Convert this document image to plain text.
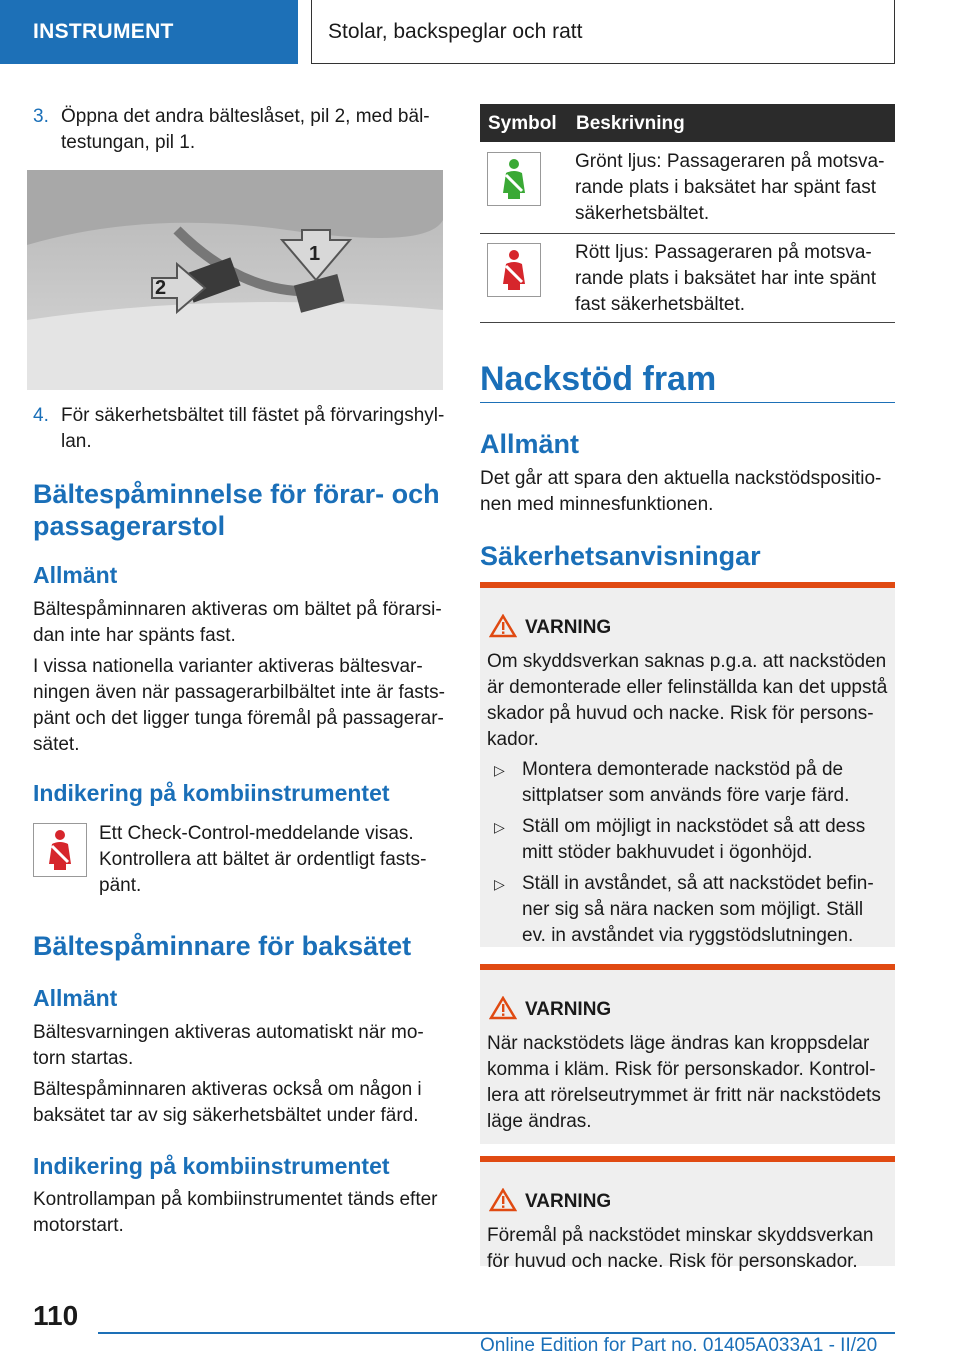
INSTRUMENT	Stolar, backspeglar och ratt
3. Öppna det andra bälteslåset, pil 2, med bältestungan, pil 1.
2
1
4. För säkerhetsbältet till fästet på förvaringshyllan.
Bältespåminnelse för förar- och passagerarstol
Allmänt

Bältespåminnaren aktiveras om bältet på förarsidan inte har spänts fast.

I vissa nationella varianter aktiveras bältesvarningen även när passagerarbilbältet inte är fastspänt och det ligger tunga föremål på passagerarsätet.

Indikering på kombiinstrumentet

Ett Check-Control-meddelande visas. Kontrollera att bältet är ordentligt fastspänt.

Bältespåminnare för baksätet
Allmänt

Bältesvarningen aktiveras automatiskt när motorn startas.

Bältespåminnaren aktiveras också om någon i baksätet tar av sig säkerhetsbältet under färd.

Indikering på kombiinstrumentet

Kontrollampan på kombiinstrumentet tänds efter motorstart.

Symbol Beskrivning

Grönt ljus: Passageraren på motsvarande plats i baksätet har spänt fast säkerhetsbältet.

Rött ljus: Passageraren på motsvarande plats i baksätet har inte spänt fast säkerhetsbältet.

Nackstöd fram
Allmänt

Det går att spara den aktuella nackstödspositionen med minnesfunktionen.

Säkerhetsanvisningar
VARNING

Om skyddsverkan saknas p.g.a. att nackstöden är demonterade eller felinställda kan det uppstå skador på huvud och nacke. Risk för personskador.

▷ Montera demonterade nackstöd på de sittplatser som används före varje färd.
▷ Ställ om möjligt in nackstödet så att dess mitt stöder bakhuvudet i ögonhöjd.
▷ Ställ in avståndet, så att nackstödet befinner sig så nära nacken som möjligt. Ställ ev. in avståndet via ryggstödslutningen.
VARNING

När nackstödets läge ändras kan kroppsdelar komma i kläm. Risk för personskador. Kontrollera att rörelseutrymmet är fritt när nackstödets läge ändras.

VARNING

Föremål på nackstödet minskar skyddsverkan för huvud och nacke. Risk för personskador.

110
Online Edition for Part no. 01405A033A1 - II/20
